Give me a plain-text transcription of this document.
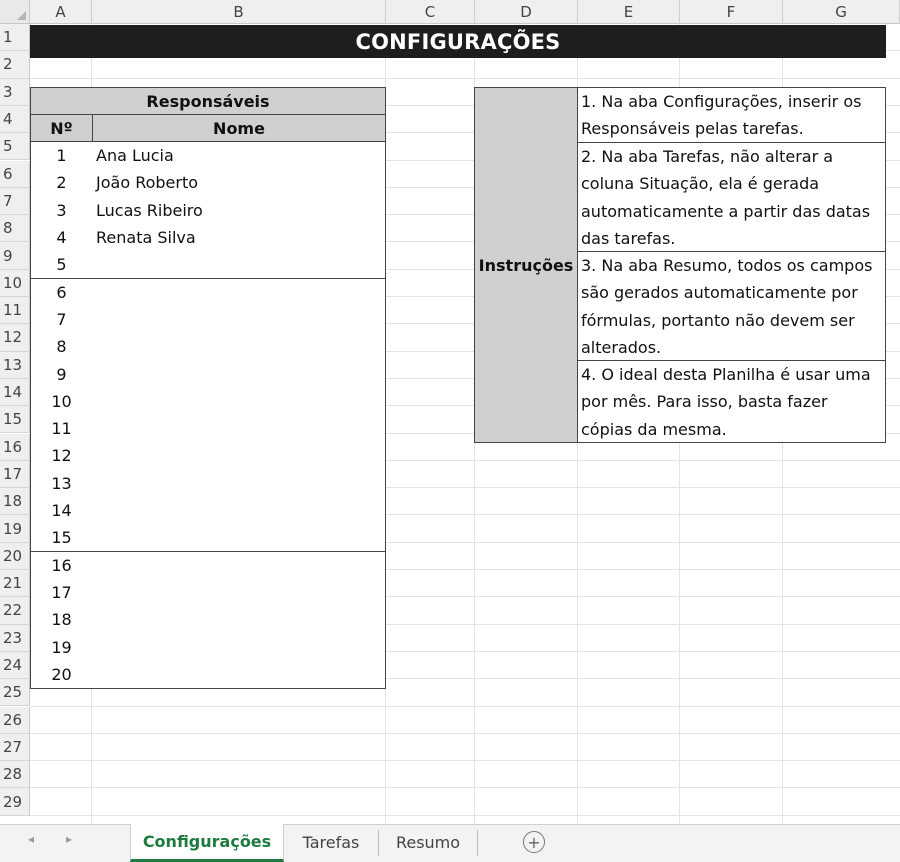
A	B	C	D	E	F	G
1
2
3
4
5
6
7
8
9
10
11
12
13
14
15
16
17
18
19
20
21
22
23
24
25
26
27
28
29
CONFIGURAÇÕES
Responsáveis
Nº	Nome
1	Ana Lucia
2	João Roberto
3	Lucas Ribeiro
4	Renata Silva
5
6
7
8
9
10
11
12
13
14
15
16
17
18
19
20
Instruções
1. Na aba Configurações, inserir os Responsáveis pelas tarefas.
2. Na aba Tarefas, não alterar a coluna Situação, ela é gerada automaticamente a partir das datas das tarefas.
3. Na aba Resumo, todos os campos são gerados automaticamente por fórmulas, portanto não devem ser alterados.
4. O ideal desta Planilha é usar uma por mês. Para isso, basta fazer cópias da mesma.
◂	▸	Configurações	Tarefas	Resumo	+
